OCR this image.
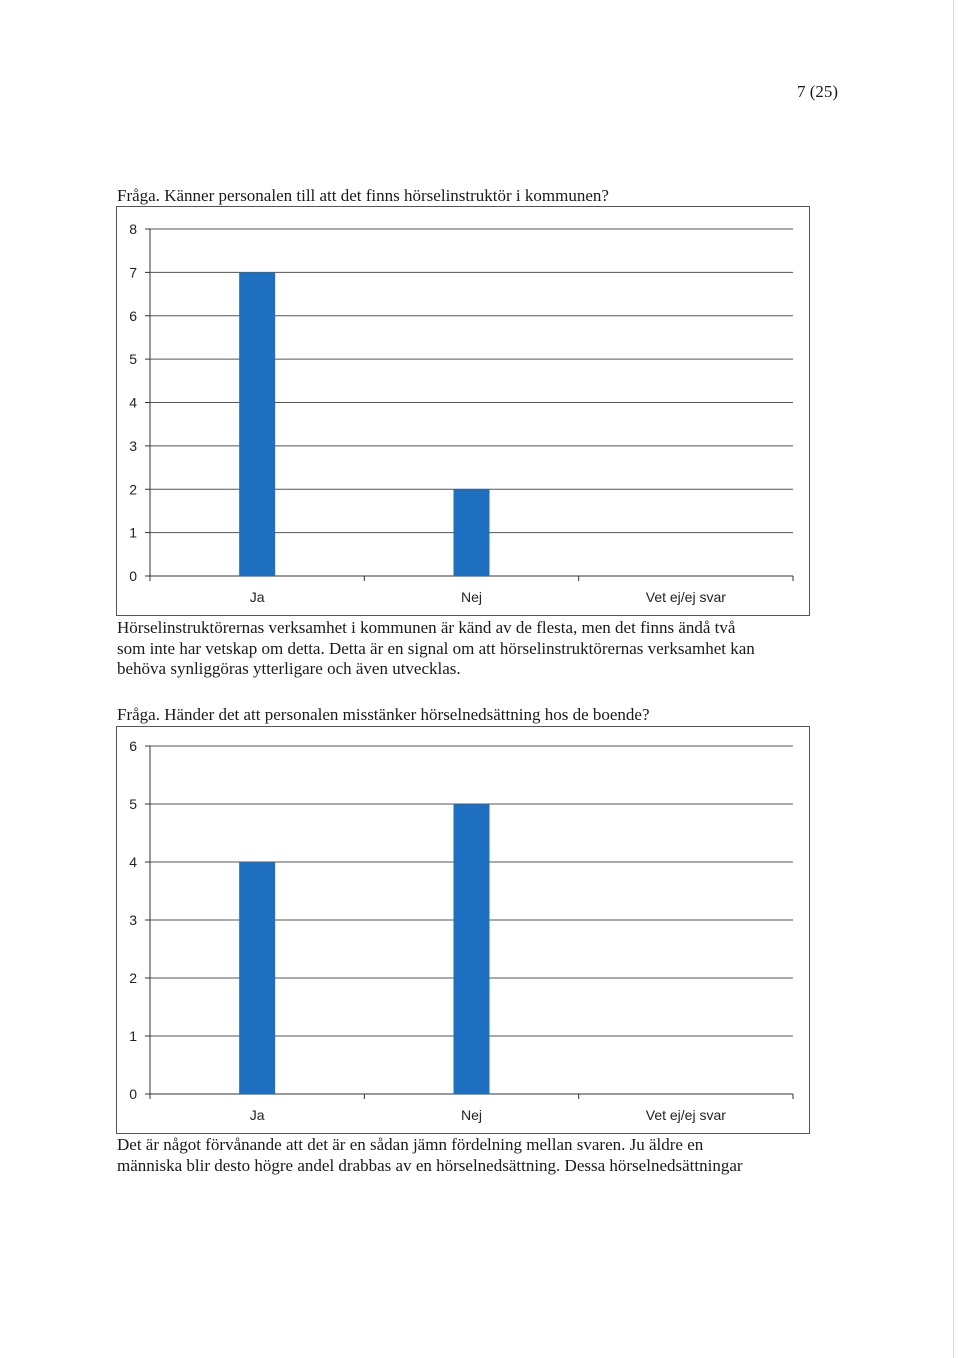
7 (25)
Fråga. Känner personalen till att det finns hörselinstruktör i kommunen?
0
1
2
3
4
5
6
7
8
Ja	Nej	Vet ej/ej svar
Hörselinstruktörernas verksamhet i kommunen är känd av de flesta, men det finns ändå två
som inte har vetskap om detta. Detta är en signal om att hörselinstruktörernas verksamhet kan
behöva synliggöras ytterligare och även utvecklas.
Fråga. Händer det att personalen misstänker hörselnedsättning hos de boende?
0
1
2
3
4
5
6
Ja	Nej	Vet ej/ej svar
Det är något förvånande att det är en sådan jämn fördelning mellan svaren. Ju äldre en
människa blir desto högre andel drabbas av en hörselnedsättning. Dessa hörselnedsättningar
